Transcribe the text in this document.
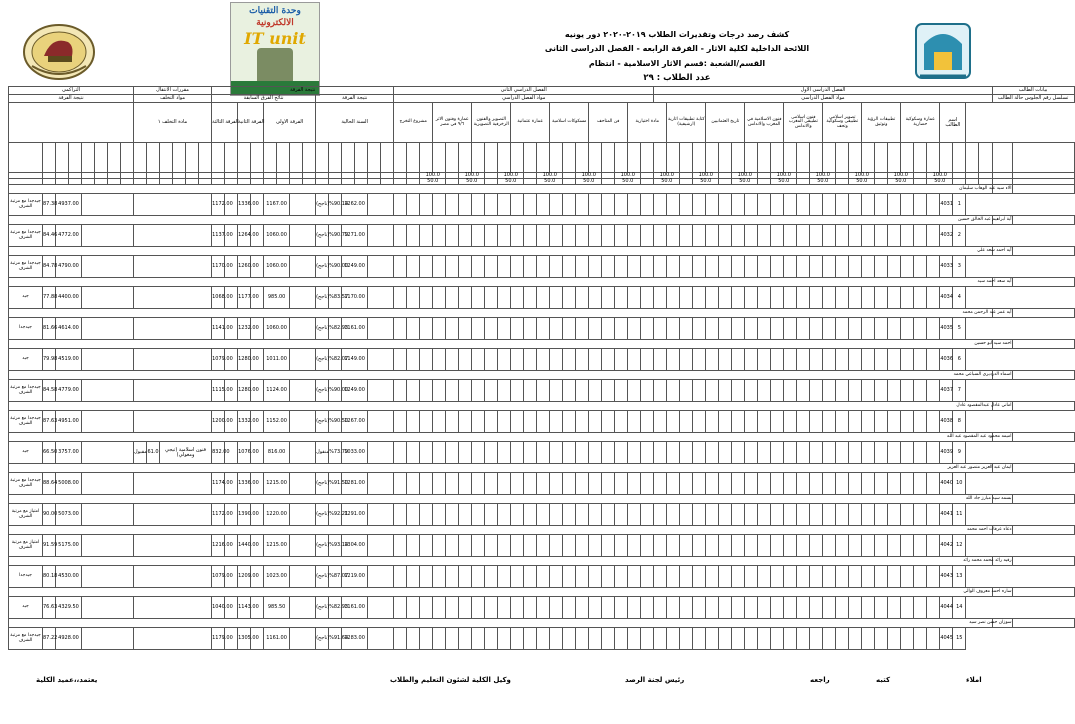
وحدة التقنيات
الالكترونية
IT unit	كشف رصد درجات وتقديرات الطلاب ٢٠١٩-٢٠٢٠ دور يونيه
اللائحة الداخلية لكلية الاثار - الفرقة الرابعه - الفصل الدراسى الثانى
القسم/الشعبة :قسم الاثار الاسلامية - انتظام
عدد الطلاب : ٢٩
التراكمى	مقررات الانتقال	نتيجة الفرقة	الفصل الدراسي الثانى	الفصل الدراسى الاول	بيانات الطالب
نتيجة الفرقة	مواد التخلف	نتائج الفرق السابقة	نتيجة الفرقة	مواد الفصل الدراسي	مواد الفصل الدراسى	تسلسل رقم الجلوس حالة الطالب
	مادة التخلف ١	الفرقة الثالثة	الفرقة الثانية	الفرقة الاولى	السنة الحالية	مشروع التخرج	عمارة وفنون الاثر ٩/٦ في مصر	التصوير والفنون الزخرفية التصويرية	عمارة عثمانية	مسكوكات اسلامية	فن المتاحف	مادة اختيارية	كتابة تطبيقات اثارية (ارشيفية)	تاريخ العثمانيين	فنون الاسلامية في المغرب والاندلس	فنون اسلامى تطبيقى المغرب والاندلس	تصوير اسلامى تطبيقى وسكوكية وتحف	تطبيقات الرؤية وتوثيق	عمارة وسكوكية حضارية	اسم الطالب

																														100.0		100.0		100.0		100.0		100.0		100.0		100.0		100.0		100.0		100.0		100.0		100.0		100.0		100.0					
																														50.0		50.0		50.0		50.0		50.0		50.0		50.0		50.0		50.0		50.0		50.0		50.0		50.0		50.0					
	الاء سيد عبد الوهاب سليمان	
جيدجدا مع مرتبة الشرف	87.38	4937.00			1172.00		1336.00		1167.00		(ناجح)	%90.14	1262.00																																												4031	1
	آية ابراهيم عبد الخالق حسين	
جيدجدا مع مرتبة الشرف	84.46	4772.00			1137.00		1264.00		1060.00		(ناجح)	%90.79	1271.00																																												4032	2
	آيه احمد سعد علي	
جيدجدا مع مرتبة الشرف	84.78	4790.00			1170.00		1260.00		1060.00		(ناجح)	%90.00	1249.00																																												4033	3
	آيه سعد احمد سيد	
جيد	77.88	4400.00			1068.00		1177.00		985.00		(ناجح)	%83.57	1170.00																																												4034	4
	آيه عمر عبد الرحمن محمد	
جيدجدا	81.66	4614.00			1141.00		1232.00		1060.00		(ناجح)	%82.93	1161.00																																												4035	5
	احمد سيد ابو حسين	
جيد	79.98	4519.00			1079.00		1280.00		1011.00		(ناجح)	%82.07	1149.00																																												4036	6
	اسماء الدرديري السباعي محمد	
جيدجدا مع مرتبة الشرف	84.58	4779.00			1115.00		1280.00		1124.00		(ناجح)	%90.00	1249.00																																												4037	7
	اماني عادل عبدالمقصود عادل	
جيدجدا مع مرتبة الشرف	87.63	4951.00			1200.00		1332.00		1152.00		(ناجح)	%90.50	1267.00																																												4038	8
	اميمه محمود عبد المقصود عبد الله	
جيد	66.50	3757.00		مقبول	61.0	فنون اسلامية (تيجي ومغولي)	832.00		1076.00		816.00		منقول	%73.79	1033.00																																												4039	9
	ايمان عبد العزيز منصور عبد العزيز	
جيدجدا مع مرتبة الشرف	88.64	5008.00			1174.00		1336.00		1215.00		(ناجح)	%91.50	1281.00																																												4040	10
	بسمه سيد مبارز جاد الله	
امتياز مع مرتبة الشرف	90.00	5073.00			1172.00		1390.00		1220.00		(ناجح)	%92.21	1291.00																																												4041	11
	دعاء عرفات احمد محمد	
امتياز مع مرتبة الشرف	91.59	5175.00			1216.00		1440.00		1215.00		(ناجح)	%93.14	1304.00																																												4042	12
	رقيه رائد محمد محمد رائد	
جيدجدا	80.18	4530.00			1079.00		1209.00		1023.00		(ناجح)	%87.07	1219.00																																												4043	13
	ساره احمد معروف الوالي	
جيد	76.63	4329.50			1040.00		1143.00		985.50		(ناجح)	%82.93	1161.00																																												4044	14
	سوزان حسن نصر سيد	
جيدجدا مع مرتبة الشرف	87.22	4928.00			1179.00		1305.00		1161.00		(ناجح)	%91.64	1283.00																																												4045	15
املاء
كتبه
راجعه
رئيس لجنة الرصد
وكيل الكلية لشئون التعليم والطلاب
يعتمد،،عميد الكلية
